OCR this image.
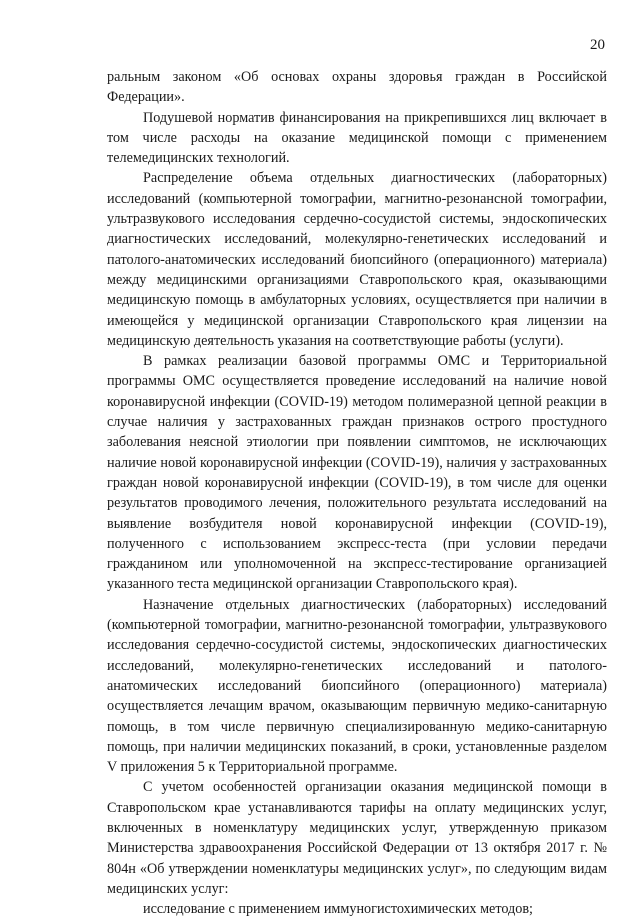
20

ральным законом «Об основах охраны здоровья граждан в Российской Федерации».

Подушевой норматив финансирования на прикрепившихся лиц включает в том числе расходы на оказание медицинской помощи с применением телемедицинских технологий.

Распределение объема отдельных диагностических (лабораторных) исследований (компьютерной томографии, магнитно-резонансной томографии, ультразвукового исследования сердечно-сосудистой системы, эндоскопических диагностических исследований, молекулярно-генетических исследований и патолого-анатомических исследований биопсийного (операционного) материала) между медицинскими организациями Ставропольского края, оказывающими медицинскую помощь в амбулаторных условиях, осуществляется при наличии в имеющейся у медицинской организации Ставропольского края лицензии на медицинскую деятельность указания на соответствующие работы (услуги).

В рамках реализации базовой программы ОМС и Территориальной программы ОМС осуществляется проведение исследований на наличие новой коронавирусной инфекции (COVID-19) методом полимеразной цепной реакции в случае наличия у застрахованных граждан признаков острого простудного заболевания неясной этиологии при появлении симптомов, не исключающих наличие новой коронавирусной инфекции (COVID-19), наличия у застрахованных граждан новой коронавирусной инфекции (COVID-19), в том числе для оценки результатов проводимого лечения, положительного результата исследований на выявление возбудителя новой коронавирусной инфекции (COVID-19), полученного с использованием экспресс-теста (при условии передачи гражданином или уполномоченной на экспресс-тестирование организацией указанного теста медицинской организации Ставропольского края).

Назначение отдельных диагностических (лабораторных) исследований (компьютерной томографии, магнитно-резонансной томографии, ультразвукового исследования сердечно-сосудистой системы, эндоскопических диагностических исследований, молекулярно-генетических исследований и патолого-анатомических исследований биопсийного (операционного) материала) осуществляется лечащим врачом, оказывающим первичную медико-санитарную помощь, в том числе первичную специализированную медико-санитарную помощь, при наличии медицинских показаний, в сроки, установленные разделом V приложения 5 к Территориальной программе.

С учетом особенностей организации оказания медицинской помощи в Ставропольском крае устанавливаются тарифы на оплату медицинских услуг, включенных в номенклатуру медицинских услуг, утвержденную приказом Министерства здравоохранения Российской Федерации от 13 октября 2017 г. № 804н «Об утверждении номенклатуры медицинских услуг», по следующим видам медицинских услуг:

исследование с применением иммуногистохимических методов;
